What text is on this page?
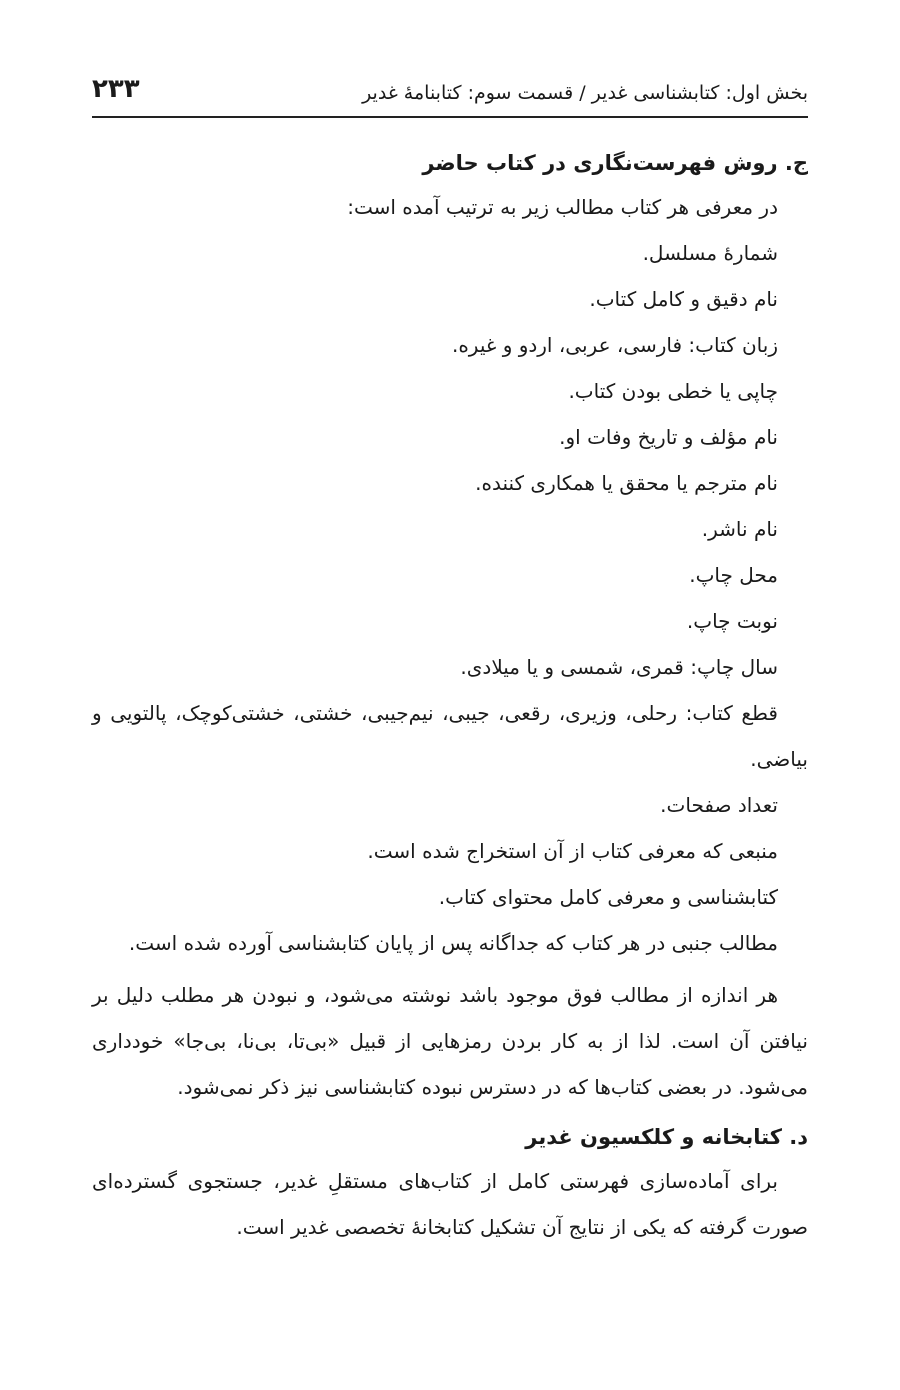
بخش اول: کتابشناسی غدیر / قسمت سوم: کتابنامهٔ غدیر
۲۳۳
ج. روش فهرست‌نگاری در کتاب حاضر

در معرفی هر کتاب مطالب زیر به ترتیب آمده است:

شمارهٔ مسلسل.

نام دقیق و کامل کتاب.

زبان کتاب: فارسی، عربی، اردو و غیره.

چاپی یا خطی بودن کتاب.

نام مؤلف و تاریخ وفات او.

نام مترجم یا محقق یا همکاری کننده.

نام ناشر.

محل چاپ.

نوبت چاپ.

سال چاپ: قمری، شمسی و یا میلادی.

قطع کتاب: رحلی، وزیری، رقعی، جیبی، نیم‌جیبی، خشتی، خشتی‌کوچک، پالتویی و بیاضی.

تعداد صفحات.

منبعی که معرفی کتاب از آن استخراج شده است.

کتابشناسی و معرفی کامل محتوای کتاب.

مطالب جنبی در هر کتاب که جداگانه پس از پایان کتابشناسی آورده شده است.

هر اندازه از مطالب فوق موجود باشد نوشته می‌شود، و نبودن هر مطلب دلیل بر نیافتن آن است. لذا از به کار بردن رمزهایی از قبیل «بی‌تا، بی‌نا، بی‌جا» خودداری می‌شود. در بعضی کتاب‌ها که در دسترس نبوده کتابشناسی نیز ذکر نمی‌شود.

د. کتابخانه و کلکسیون غدیر

برای آماده‌سازی فهرستی کامل از کتاب‌های مستقلِ غدیر، جستجوی گسترده‌ای صورت گرفته که یکی از نتایج آن تشکیل کتابخانهٔ تخصصی غدیر است.
